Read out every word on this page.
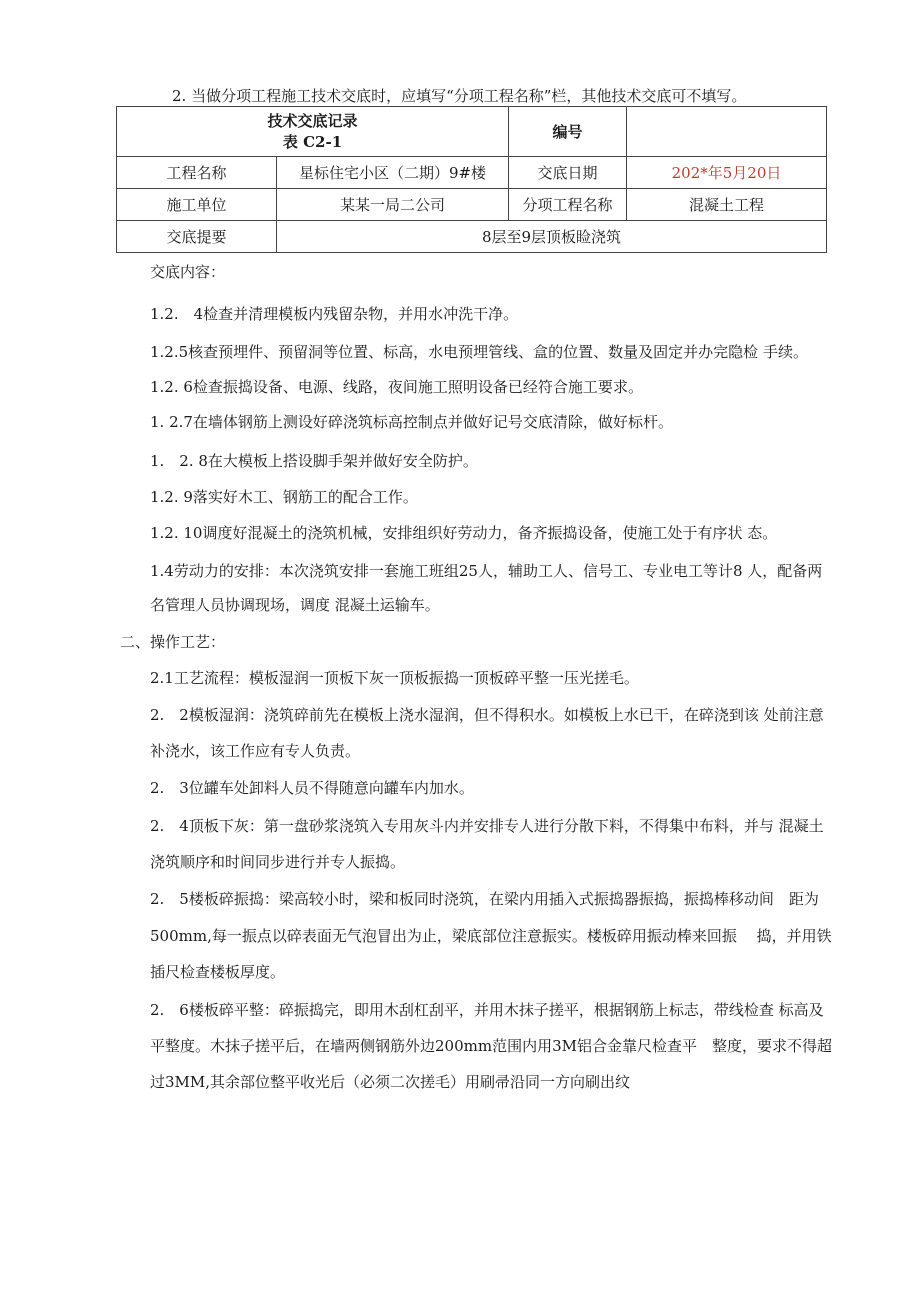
2. 当做分项工程施工技术交底时，应填写“分项工程名称”栏，其他技术交底可不填写。
技术交底记录
表 C2-1		编号	
工程名称	星标住宅小区（二期）9#楼	交底日期	202*年5月20日
施工单位	某某一局二公司	分项工程名称	混凝土工程
交底提要	8层至9层顶板睑浇筑		
交底内容：
1.2.　4检查并清理模板内残留杂物，并用水冲洗干净。
1.2.5核查预埋件、预留洞等位置、标高，水电预埋管线、盒的位置、数量及固定并办完隐检 手续。
1.2. 6检查振捣设备、电源、线路，夜间施工照明设备已经符合施工要求。
1. 2.7在墙体钢筋上测设好碎浇筑标高控制点并做好记号交底清除，做好标杆。
1.　2. 8在大模板上搭设脚手架并做好安全防护。
1.2. 9落实好木工、钢筋工的配合工作。
1.2. 10调度好混凝土的浇筑机械，安排组织好劳动力，备齐振捣设备，使施工处于有序状 态。
1.4劳动力的安排：本次浇筑安排一套施工班组25人，辅助工人、信号工、专业电工等计8 人，配备两
名管理人员协调现场，调度 混凝土运输车。
二、操作工艺：
2.1工艺流程：模板湿润一顶板下灰一顶板振捣一顶板碎平整一压光搓毛。
2.　2模板湿润：浇筑碎前先在模板上浇水湿润，但不得积水。如模板上水已干，在碎浇到该 处前注意
补浇水，该工作应有专人负责。
2.　3位罐车处卸料人员不得随意向罐车内加水。
2.　4顶板下灰：第一盘砂浆浇筑入专用灰斗内并安排专人进行分散下料，不得集中布料，并与 混凝土
浇筑顺序和时间同步进行并专人振捣。
2.　5楼板碎振捣：梁高较小时，梁和板同时浇筑，在梁内用插入式振捣器振捣，振捣棒移动间　距为
500mm,每一振点以碎表面无气泡冒出为止，梁底部位注意振实。楼板碎用振动棒来回振　 捣，并用铁
插尺检查楼板厚度。
2.　6楼板碎平整：碎振捣完，即用木刮杠刮平，并用木抹子搓平，根据钢筋上标志，带线检查 标高及
平整度。木抹子搓平后，在墙两侧钢筋外边200mm范围内用3M铝合金靠尺检查平　整度，要求不得超
过3MM,其余部位整平收光后（必须二次搓毛）用刷帚沿同一方向刷出纹
